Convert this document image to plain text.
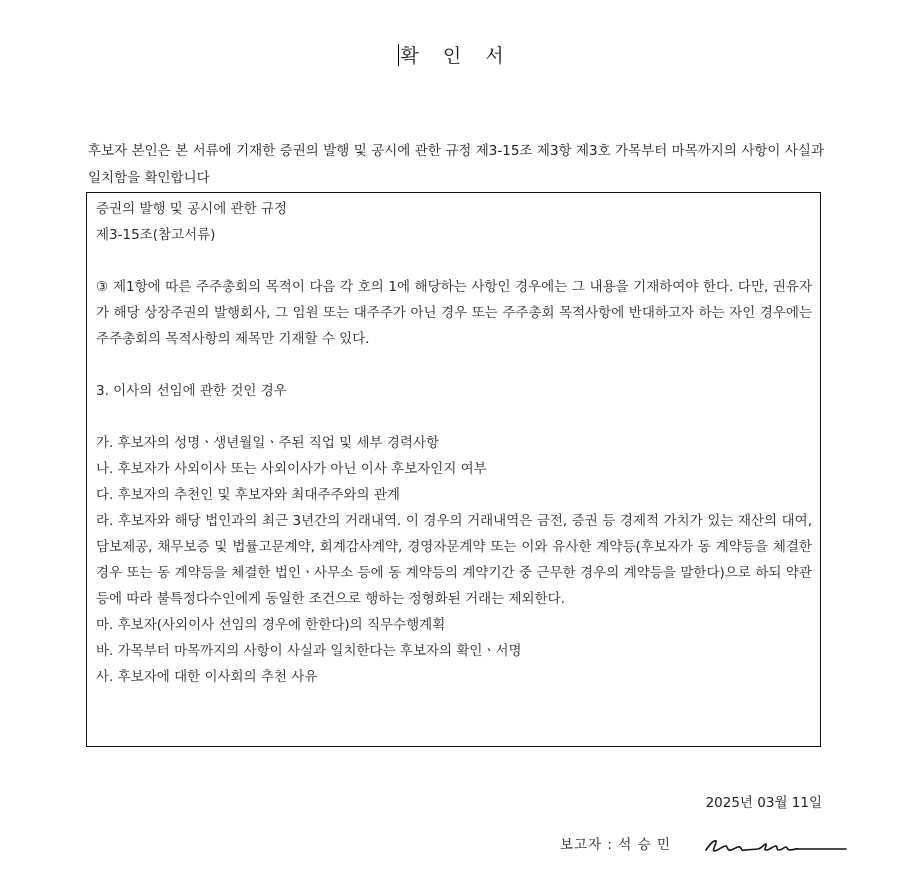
확 인 서

후보자 본인은 본 서류에 기재한 증권의 발행 및 공시에 관한 규정 제3-15조 제3항 제3호 가목부터 마목까지의 사항이 사실과 일치함을 확인합니다

증권의 발행 및 공시에 관한 규정

제3-15조(참고서류)

③ 제1항에 따른 주주총회의 목적이 다음 각 호의 1에 해당하는 사항인 경우에는 그 내용을 기재하여야 한다. 다만, 권유자가 해당 상장주권의 발행회사, 그 임원 또는 대주주가 아닌 경우 또는 주주총회 목적사항에 반대하고자 하는 자인 경우에는 주주총회의 목적사항의 제목만 기재할 수 있다.

3. 이사의 선임에 관한 것인 경우

가. 후보자의 성명ㆍ생년월일ㆍ주된 직업 및 세부 경력사항

나. 후보자가 사외이사 또는 사외이사가 아닌 이사 후보자인지 여부

다. 후보자의 추천인 및 후보자와 최대주주와의 관계

라. 후보자와 해당 법인과의 최근 3년간의 거래내역. 이 경우의 거래내역은 금전, 증권 등 경제적 가치가 있는 재산의 대여, 담보제공, 채무보증 및 법률고문계약, 회계감사계약, 경영자문계약 또는 이와 유사한 계약등(후보자가 동 계약등을 체결한 경우 또는 동 계약등을 체결한 법인ㆍ사무소 등에 동 계약등의 계약기간 중 근무한 경우의 계약등을 말한다)으로 하되 약관 등에 따라 불특정다수인에게 동일한 조건으로 행하는 정형화된 거래는 제외한다.

마. 후보자(사외이사 선임의 경우에 한한다)의 직무수행계획

바. 가목부터 마목까지의 사항이 사실과 일치한다는 후보자의 확인ㆍ서명

사. 후보자에 대한 이사회의 추천 사유

2025년 03월 11일
보고자 : 석 승 민
